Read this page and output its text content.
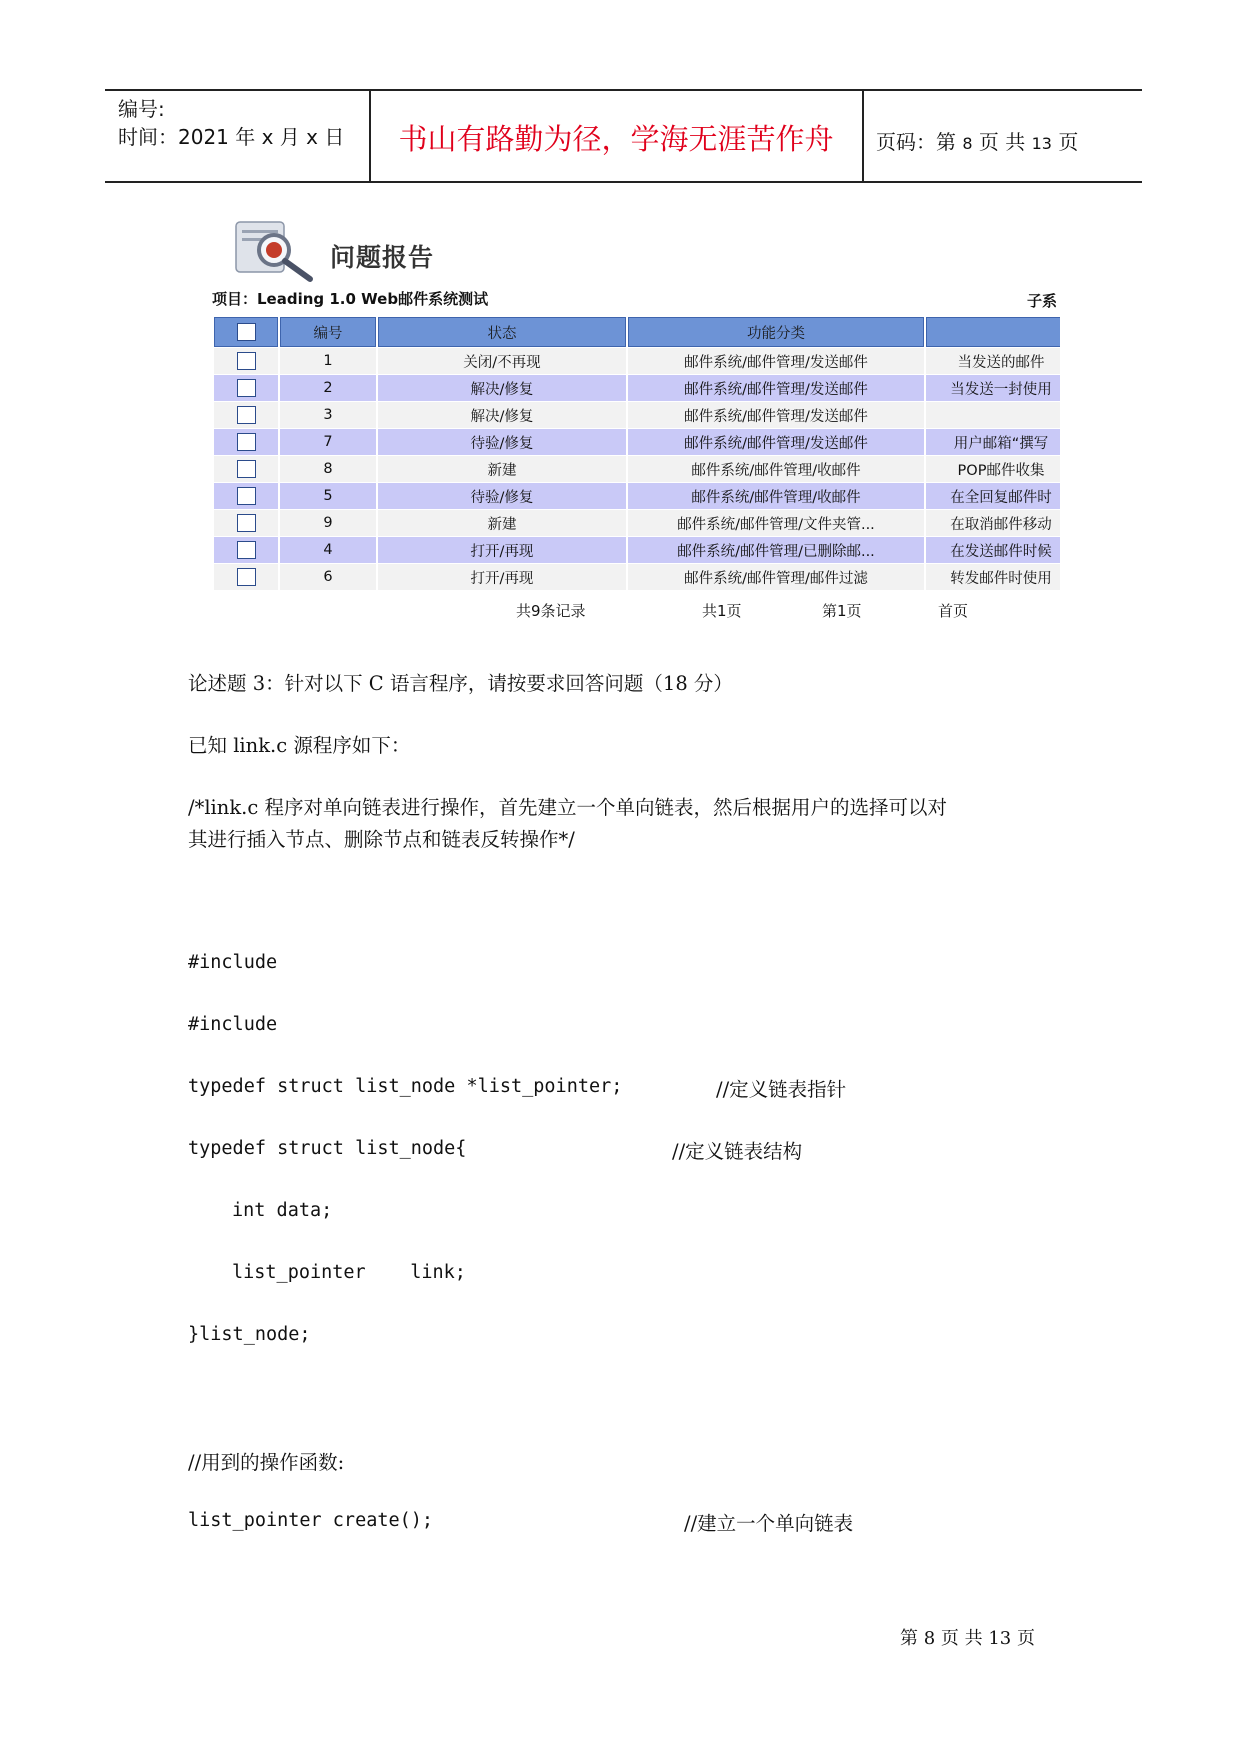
编号:
时间：2021 年 x 月 x 日	书山有路勤为径，学海无涯苦作舟	页码：第 8 页 共 13 页
问题报告
项目：Leading 1.0 Web邮件系统测试	子系
	编号	状态	功能分类	
	1	关闭/不再现	邮件系统/邮件管理/发送邮件	当发送的邮件
	2	解决/修复	邮件系统/邮件管理/发送邮件	当发送一封使用
	3	解决/修复	邮件系统/邮件管理/发送邮件	
	7	待验/修复	邮件系统/邮件管理/发送邮件	用户邮箱“撰写
	8	新建	邮件系统/邮件管理/收邮件	POP邮件收集
	5	待验/修复	邮件系统/邮件管理/收邮件	在全回复邮件时
	9	新建	邮件系统/邮件管理/文件夹管...	在取消邮件移动
	4	打开/再现	邮件系统/邮件管理/已删除邮...	在发送邮件时候
	6	打开/再现	邮件系统/邮件管理/邮件过滤	转发邮件时使用
共9条记录	共1页	第1页	首页
论述题 3：针对以下 C 语言程序，请按要求回答问题（18 分）
已知 link.c 源程序如下：
/*link.c 程序对单向链表进行操作，首先建立一个单向链表，然后根据用户的选择可以对
其进行插入节点、删除节点和链表反转操作*/
#include
#include
typedef struct list_node *list_pointer;	//定义链表指针
typedef struct list_node{	//定义链表结构
int data;
list_pointer    link;
}list_node;
//用到的操作函数:
list_pointer create();	//建立一个单向链表
第 8 页 共 13 页
